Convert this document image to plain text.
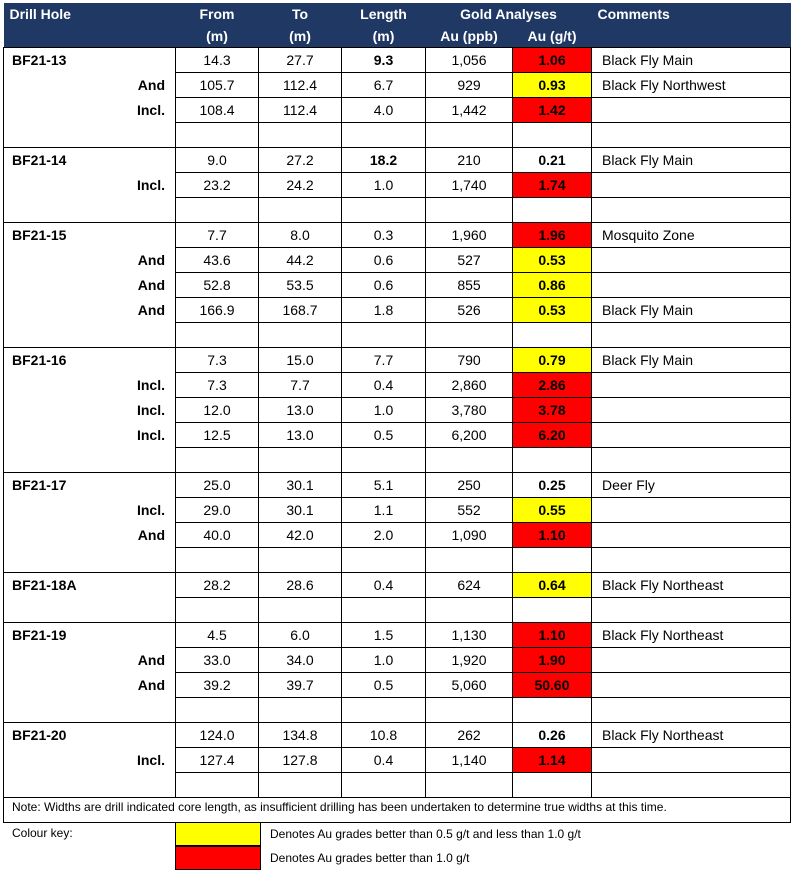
Drill Hole		From	To	Length	Gold Analyses		Comments
		(m)	(m)	(m)	Au (ppb)	Au (g/t)	
BF21-13		14.3	27.7	9.3	1,056	1.06	Black Fly Main
	And	105.7	112.4	6.7	929	0.93	Black Fly Northwest
	Incl.	108.4	112.4	4.0	1,442	1.42	

BF21-14		9.0	27.2	18.2	210	0.21	Black Fly Main
	Incl.	23.2	24.2	1.0	1,740	1.74	

BF21-15		7.7	8.0	0.3	1,960	1.96	Mosquito Zone
	And	43.6	44.2	0.6	527	0.53	
	And	52.8	53.5	0.6	855	0.86	
	And	166.9	168.7	1.8	526	0.53	Black Fly Main

BF21-16		7.3	15.0	7.7	790	0.79	Black Fly Main
	Incl.	7.3	7.7	0.4	2,860	2.86	
	Incl.	12.0	13.0	1.0	3,780	3.78	
	Incl.	12.5	13.0	0.5	6,200	6.20	

BF21-17		25.0	30.1	5.1	250	0.25	Deer Fly
	Incl.	29.0	30.1	1.1	552	0.55	
	And	40.0	42.0	2.0	1,090	1.10	

BF21-18A		28.2	28.6	0.4	624	0.64	Black Fly Northeast

BF21-19		4.5	6.0	1.5	1,130	1.10	Black Fly Northeast
	And	33.0	34.0	1.0	1,920	1.90	
	And	39.2	39.7	0.5	5,060	50.60	

BF21-20		124.0	134.8	10.8	262	0.26	Black Fly Northeast
	Incl.	127.4	127.8	0.4	1,140	1.14	

Note: Widths are drill indicated core length, as insufficient drilling has been undertaken to determine true widths at this time.
Colour key:	Denotes Au grades better than 0.5 g/t and less than 1.0 g/t
Denotes Au grades better than 1.0 g/t
